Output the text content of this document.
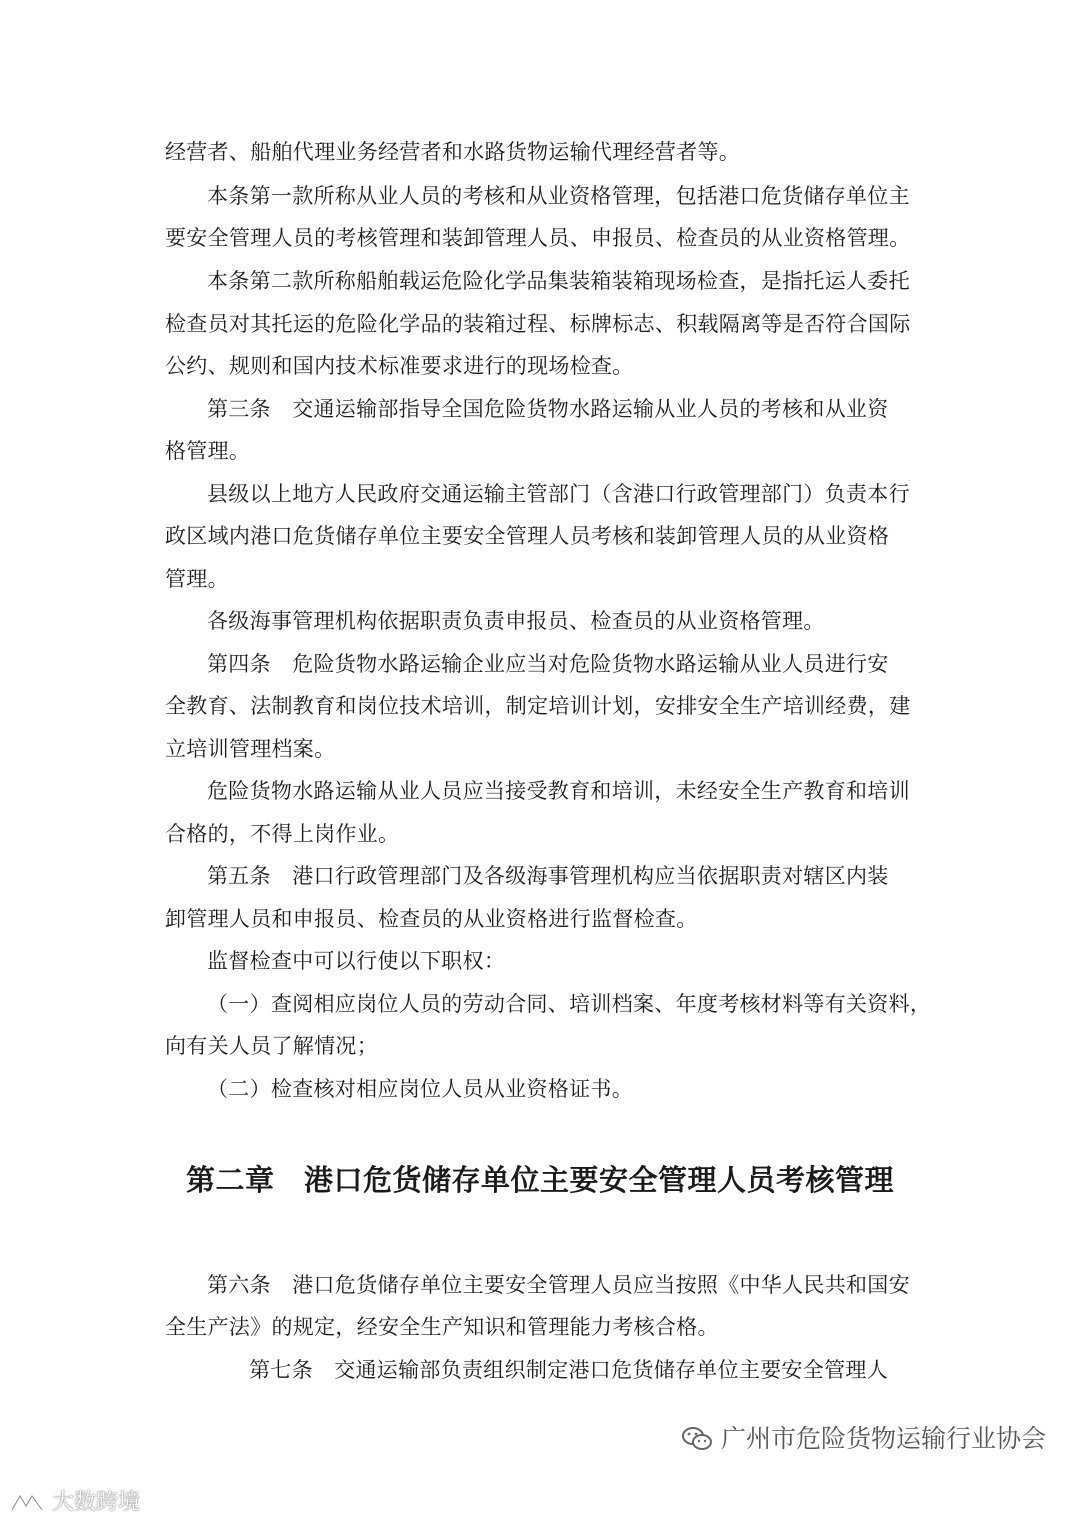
经营者、船舶代理业务经营者和水路货物运输代理经营者等。
本条第一款所称从业人员的考核和从业资格管理，包括港口危货储存单位主
要安全管理人员的考核管理和装卸管理人员、申报员、检查员的从业资格管理。
本条第二款所称船舶载运危险化学品集装箱装箱现场检查，是指托运人委托
检查员对其托运的危险化学品的装箱过程、标牌标志、积载隔离等是否符合国际
公约、规则和国内技术标准要求进行的现场检查。
第三条　交通运输部指导全国危险货物水路运输从业人员的考核和从业资
格管理。
县级以上地方人民政府交通运输主管部门（含港口行政管理部门）负责本行
政区域内港口危货储存单位主要安全管理人员考核和装卸管理人员的从业资格
管理。
各级海事管理机构依据职责负责申报员、检查员的从业资格管理。
第四条　危险货物水路运输企业应当对危险货物水路运输从业人员进行安
全教育、法制教育和岗位技术培训，制定培训计划，安排安全生产培训经费，建
立培训管理档案。
危险货物水路运输从业人员应当接受教育和培训，未经安全生产教育和培训
合格的，不得上岗作业。
第五条　港口行政管理部门及各级海事管理机构应当依据职责对辖区内装
卸管理人员和申报员、检查员的从业资格进行监督检查。
监督检查中可以行使以下职权：
（一）查阅相应岗位人员的劳动合同、培训档案、年度考核材料等有关资料，
向有关人员了解情况；
（二）检查核对相应岗位人员从业资格证书。
第二章　港口危货储存单位主要安全管理人员考核管理
第六条　港口危货储存单位主要安全管理人员应当按照《中华人民共和国安
全生产法》的规定，经安全生产知识和管理能力考核合格。
第七条　交通运输部负责组织制定港口危货储存单位主要安全管理人
广州市危险货物运输行业协会
大数跨境
